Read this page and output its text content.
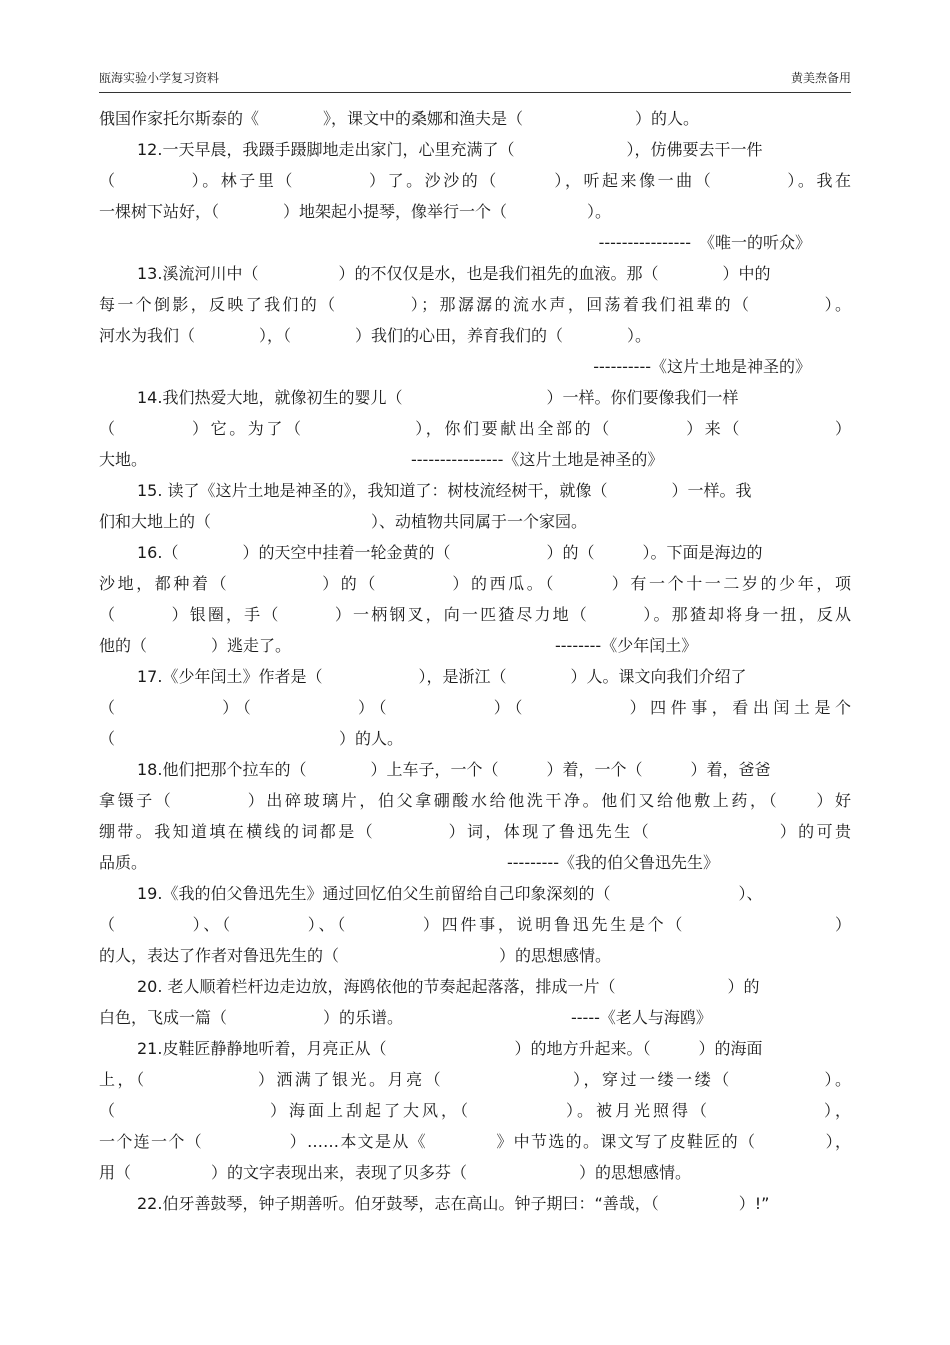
瓯海实验小学复习资料	黄美焘备用
俄国作家托尔斯泰的《　　　　》，课文中的桑娜和渔夫是（　　　　　　　）的人。
12.一天早晨，我蹑手蹑脚地走出家门，心里充满了（　　　　　　　），仿佛要去干一件
（　　　　）。林子里（　　　　）了。沙沙的（　　　），听起来像一曲（　　　　）。我在
一棵树下站好，（　　　　）地架起小提琴，像举行一个（　　　　　）。
----------------　《唯一的听众》
13.溪流河川中（　　　　　）的不仅仅是水，也是我们祖先的血液。那（　　　　）中的
每一个倒影，反映了我们的（　　　　）；那潺潺的流水声，回荡着我们祖辈的（　　　　）。
河水为我们（　　　　），（　　　　）我们的心田，养育我们的（　　　　）。
----------《这片土地是神圣的》
14.我们热爱大地，就像初生的婴儿（　　　　　　　　　）一样。你们要像我们一样
（　　　　）它。为了（　　　　　　），你们要献出全部的（　　　　）来（　　　　　）
大地。　　　　　　　　　　　　　　　　　----------------《这片土地是神圣的》
15. 读了《这片土地是神圣的》，我知道了：树枝流经树干，就像（　　　　）一样。我
们和大地上的（　　　　　　　　　　）、动植物共同属于一个家园。
16.（　　　　）的天空中挂着一轮金黄的（　　　　　　）的（　　　）。下面是海边的
沙地，都种着（　　　　　）的（　　　　）的西瓜。（　　　）有一个十一二岁的少年，项
（　　　）银圈，手（　　　）一柄钢叉，向一匹猹尽力地（　　　）。那猹却将身一扭，反从
他的（　　　　）逃走了。　　　　　　　　　　　　　　　　　--------《少年闰土》
17.《少年闰土》作者是（　　　　　　），是浙江（　　　　）人。课文向我们介绍了
（　　　　　）（　　　　　）（　　　　　）（　　　　　）四件事，看出闰土是个
（　　　　　　　　　　　　　　）的人。
18.他们把那个拉车的（　　　　）上车子，一个（　　　）着，一个（　　　）着，爸爸
拿镊子（　　　　）出碎玻璃片，伯父拿硼酸水给他洗干净。他们又给他敷上药，（　　）好
绷带。我知道填在横线的词都是（　　　　）词，体现了鲁迅先生（　　　　　　　）的可贵
品质。　　　　　　　　　　　　　　　　　　　　　　　---------《我的伯父鲁迅先生》
19.《我的伯父鲁迅先生》通过回忆伯父生前留给自己印象深刻的（　　　　　　　　）、
（　　　　）、（　　　　）、（　　　　）四件事，说明鲁迅先生是个（　　　　　　　　）
的人，表达了作者对鲁迅先生的（　　　　　　　　　　）的思想感情。
20. 老人顺着栏杆边走边放，海鸥依他的节奏起起落落，排成一片（　　　　　　　）的
白色，飞成一篇（　　　　　　）的乐谱。　　　　　　　　　　　-----《老人与海鸥》
21.皮鞋匠静静地听着，月亮正从（　　　　　　　　）的地方升起来。（　　　）的海面
上，（　　　　　　）洒满了银光。月亮（　　　　　　　），穿过一缕一缕（　　　　　）。
（　　　　　　　　）海面上刮起了大风，（　　　　　）。被月光照得（　　　　　　），
一个连一个（　　　　　）……本文是从《　　　　》中节选的。课文写了皮鞋匠的（　　　　），
用（　　　　　）的文字表现出来，表现了贝多芬（　　　　　　　）的思想感情。
22.伯牙善鼓琴，钟子期善听。伯牙鼓琴，志在高山。钟子期曰：“善哉，（　　　　　）!”
